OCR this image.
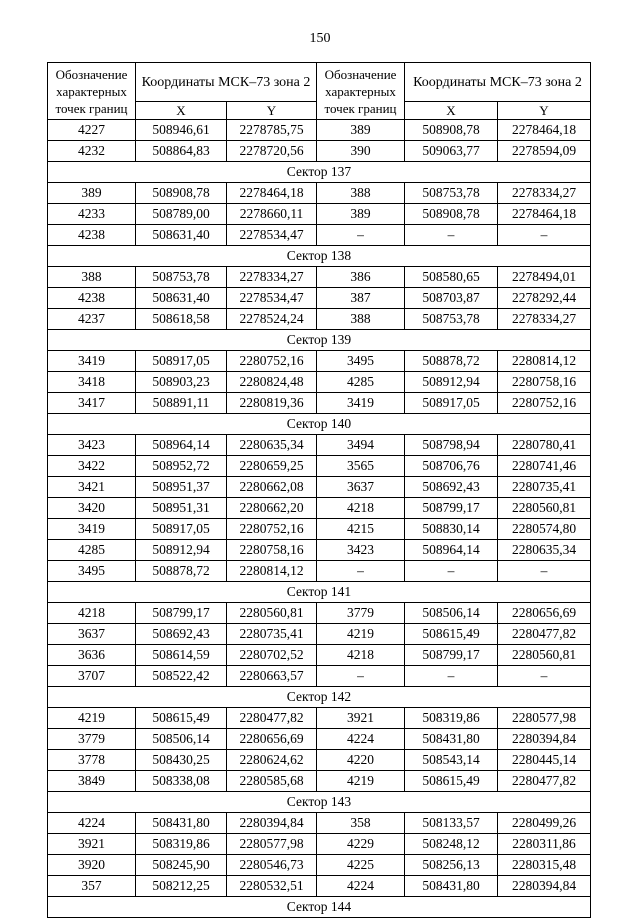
150
Обозначение характерных точек границ	Координаты МСК–73 зона 2		Обозначение характерных точек границ	Координаты МСК–73 зона 2	
	X	Y		X	Y
4227	508946,61	2278785,75	389	508908,78	2278464,18
4232	508864,83	2278720,56	390	509063,77	2278594,09
Сектор 137					
389	508908,78	2278464,18	388	508753,78	2278334,27
4233	508789,00	2278660,11	389	508908,78	2278464,18
4238	508631,40	2278534,47	–	–	–
Сектор 138					
388	508753,78	2278334,27	386	508580,65	2278494,01
4238	508631,40	2278534,47	387	508703,87	2278292,44
4237	508618,58	2278524,24	388	508753,78	2278334,27
Сектор 139					
3419	508917,05	2280752,16	3495	508878,72	2280814,12
3418	508903,23	2280824,48	4285	508912,94	2280758,16
3417	508891,11	2280819,36	3419	508917,05	2280752,16
Сектор 140					
3423	508964,14	2280635,34	3494	508798,94	2280780,41
3422	508952,72	2280659,25	3565	508706,76	2280741,46
3421	508951,37	2280662,08	3637	508692,43	2280735,41
3420	508951,31	2280662,20	4218	508799,17	2280560,81
3419	508917,05	2280752,16	4215	508830,14	2280574,80
4285	508912,94	2280758,16	3423	508964,14	2280635,34
3495	508878,72	2280814,12	–	–	–
Сектор 141					
4218	508799,17	2280560,81	3779	508506,14	2280656,69
3637	508692,43	2280735,41	4219	508615,49	2280477,82
3636	508614,59	2280702,52	4218	508799,17	2280560,81
3707	508522,42	2280663,57	–	–	–
Сектор 142					
4219	508615,49	2280477,82	3921	508319,86	2280577,98
3779	508506,14	2280656,69	4224	508431,80	2280394,84
3778	508430,25	2280624,62	4220	508543,14	2280445,14
3849	508338,08	2280585,68	4219	508615,49	2280477,82
Сектор 143					
4224	508431,80	2280394,84	358	508133,57	2280499,26
3921	508319,86	2280577,98	4229	508248,12	2280311,86
3920	508245,90	2280546,73	4225	508256,13	2280315,48
357	508212,25	2280532,51	4224	508431,80	2280394,84
Сектор 144					
